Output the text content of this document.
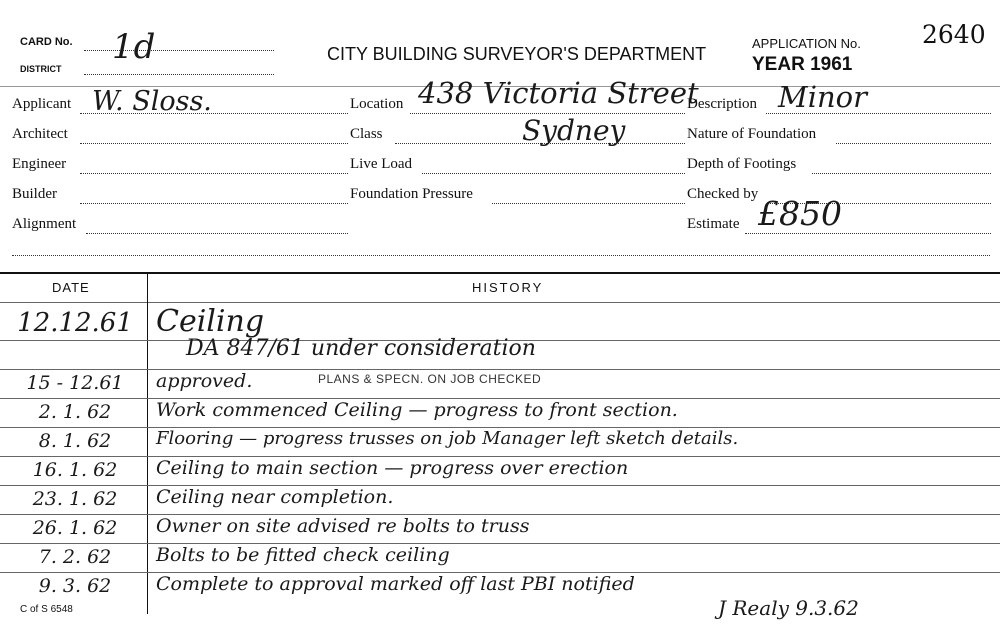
CARD No. 1d
DISTRICT
CITY BUILDING SURVEYOR'S DEPARTMENT
APPLICATION No. 2640
YEAR 1961
Applicant W. Sloss.
Architect
Engineer
Builder
Alignment
Location 438 Victoria Street
Class	Sydney
Live Load
Foundation Pressure
Description Minor
Nature of Foundation
Depth of Footings
Checked by
Estimate £850
DATE	HISTORY
12.12.61 Ceiling
DA 847/61 under consideration
15 - 12.61	approved.	PLANS & SPECN. ON JOB CHECKED
2. 1. 62	Work commenced Ceiling — progress to front section.
8. 1. 62	Flooring — progress trusses on job Manager left sketch details.
16. 1. 62	Ceiling to main section — progress over erection
23. 1. 62	Ceiling near completion.
26. 1. 62	Owner on site advised re bolts to truss
7. 2. 62	Bolts to be fitted check ceiling
9. 3. 62	Complete to approval marked off last PBI notified
J Realy 9.3.62
C of S 6548
